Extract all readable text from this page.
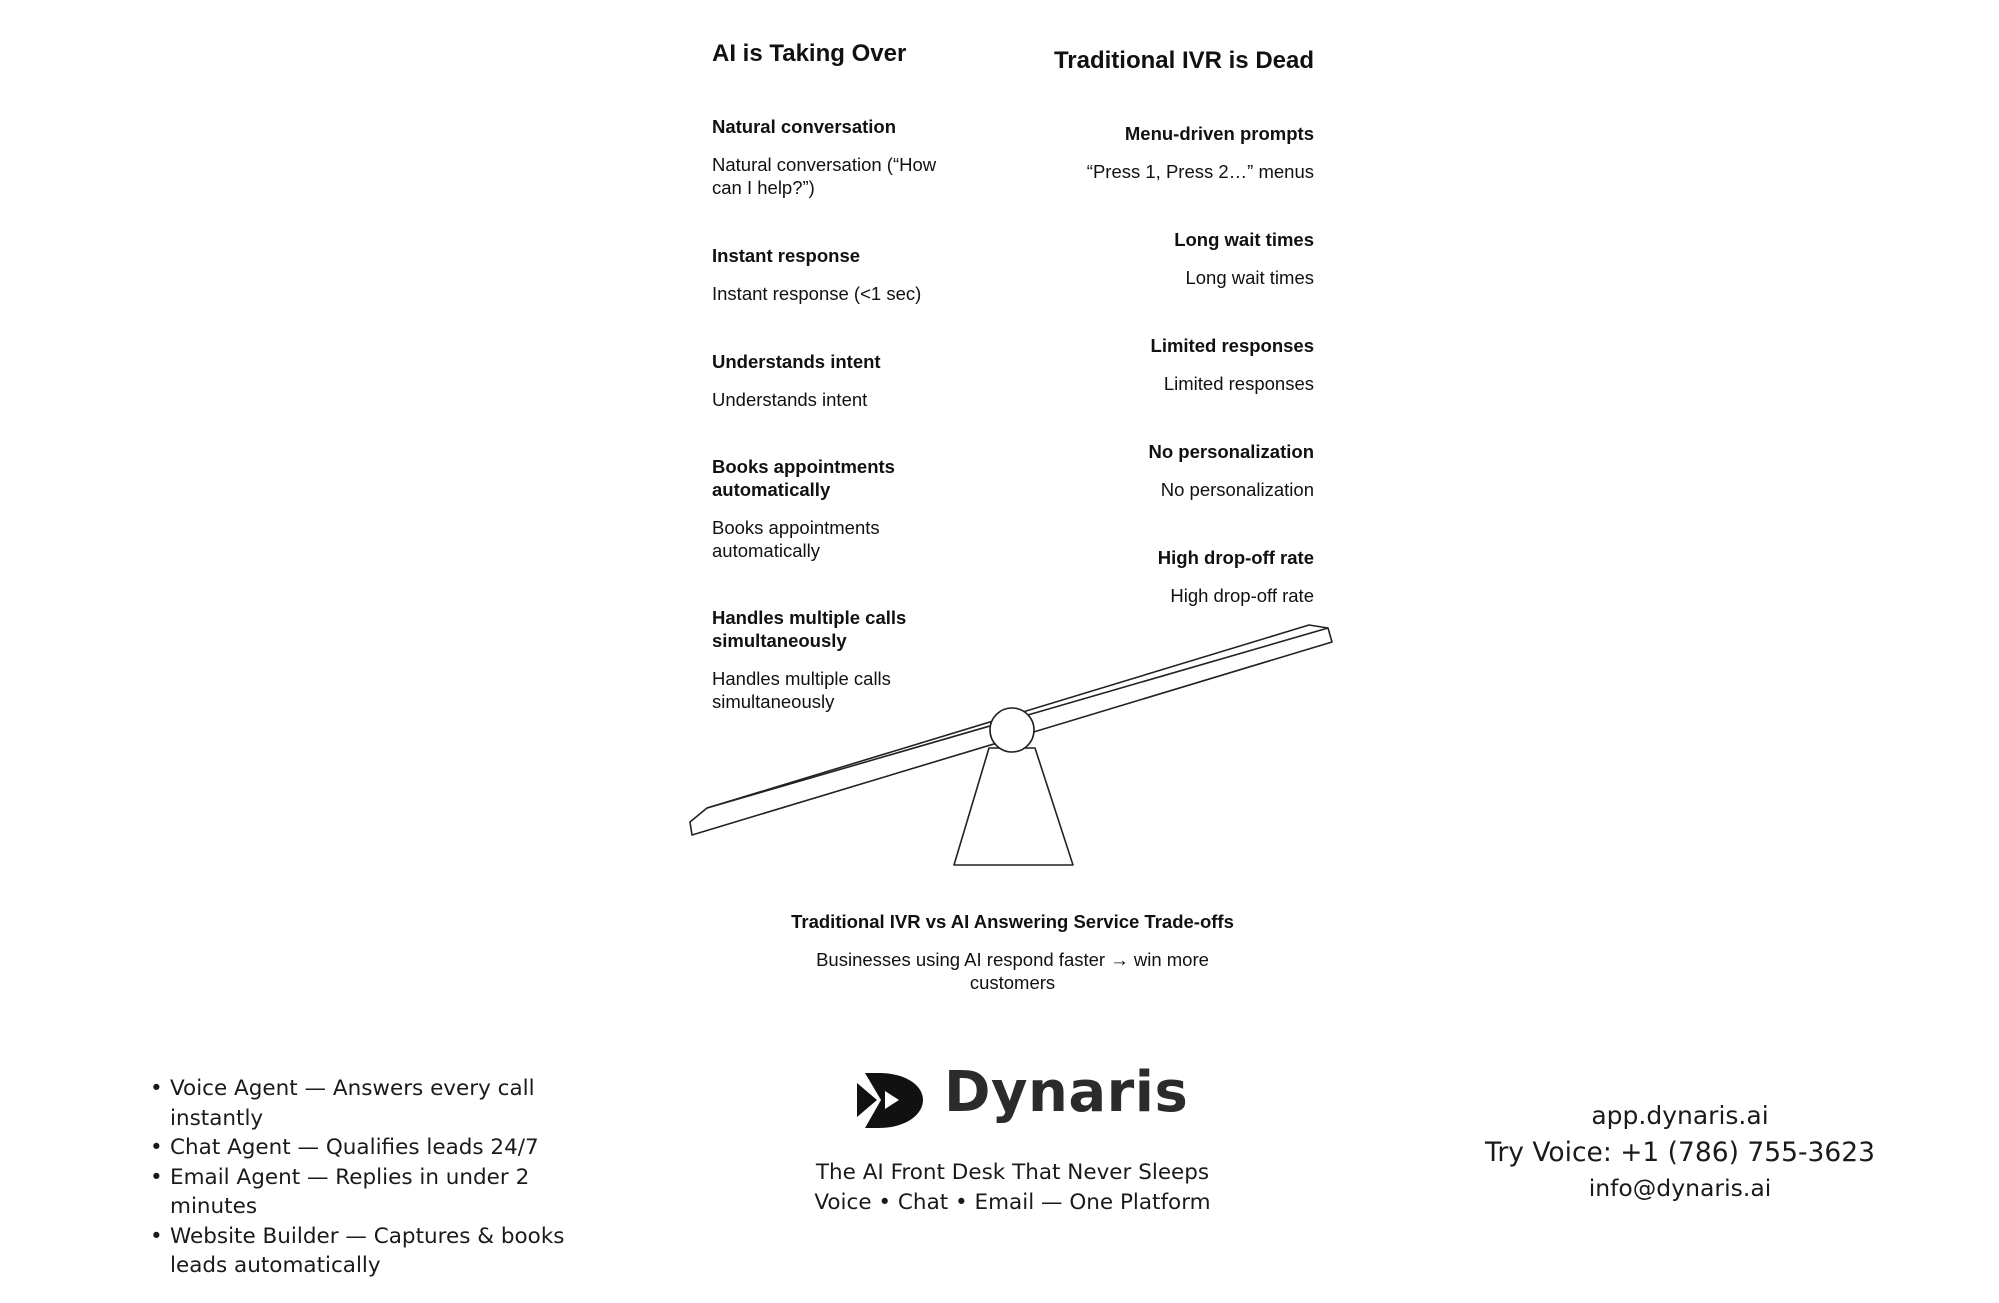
AI is Taking Over	Traditional IVR is Dead
Natural conversation
Natural conversation (“How can I help?”)
Instant response
Instant response (<1 sec)
Understands intent
Understands intent
Books appointments automatically
Books appointments automatically
Handles multiple calls simultaneously
Handles multiple calls simultaneously
Menu-driven prompts
“Press 1, Press 2…” menus
Long wait times
Long wait times
Limited responses
Limited responses
No personalization
No personalization
High drop-off rate
High drop-off rate
Traditional IVR vs AI Answering Service Trade-offs
Businesses using AI respond faster → win more customers
• Voice Agent — Answers every call instantly
• Chat Agent — Qualifies leads 24/7
• Email Agent — Replies in under 2 minutes
• Website Builder — Captures & books leads automatically
Dynaris
The AI Front Desk That Never Sleeps
Voice • Chat • Email — One Platform
app.dynaris.ai
Try Voice: +1 (786) 755-3623
info@dynaris.ai
